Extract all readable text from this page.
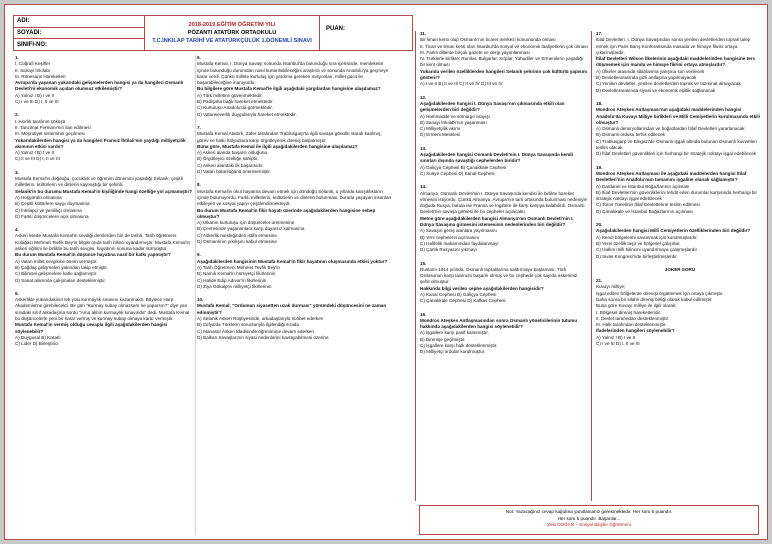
ADI:
SOYADI:
SINIFI-NO:
2018-2019 EĞİTİM ÖĞRETİM YILI
PÖZANTI ATATÜRK ORTAOKULU
T.C.İNKILAP TARİHİ VE ATATÜRKÇÜLÜK 1.DÖNEMLİ SINAVI
PUAN:
1.
I. Coğrafi Keşifler
II. Sanayi İnkılabı
III. Rönesans Hareketleri
Avrupa'da yaşanan yukarıdaki gelişmelerden hangisi ya da hangileri Osmanlı Devleti'ni ekonomik açıdan olumsuz etkilemiştir?
A) Yalnız I B) I ve II
C) I ve III D) I, II ve III
2.
I. Asırlık tarafının çöküşü
II. Tanzimat Fermanı'nın ilan edilmesi
III. Meşrutiyet sisteminin geçilmesi
Yukarıdakilerden hangisi ya da hangileri Fransız İhtilali'nin yaydığı milliyetçilik akımının etkisi vardır?
A) Yalnız I B) I ve II
C) II ve III D) I, II ve III
3.
Mustafa Kemal'in doğduğu, çocukluk ve öğrenim dönemini yaşadığı Selanik, çeşitli milletlerin, kültürlerin ve dinlerin kaynaştığı bir şehirdi.
Selanik'in bu durumu Mustafa Kemal'in kişiliğinde hangi özelliğe yol açmamıştır?
A) Hoşgörülü olmasına
B) Çeşitli kültürlere saygı duymasına
C) İnkılapçı ve yenilikçi olmasına
D) Farklı düşüncelere açık olmasına
4.
Askeri lisede Mustafa Kemal'in sevdiği derslerden biri de tarihti. Tarih öğretmeni Kolağası Mehmet Tevfik Bey'in bilgisi onda tarih bilinci uyandırmıştır. Mustafa Kemal'in askeri eğitimi ile birlikte bu tarih sevgisi, hayatının sonuna kadar sürmüştür.
Bu durum Mustafa Kemal'in düşünce hayatına nasıl bir katkı yapmıştır?
A) Vatan millet sevgisine önem vermiştir.
B) Çağdaş gelişmeleri yakından takip etmiştir.
C) Bilimsel gelişmelere katkı sağlamıştır.
D) Sanat alanında çalışmaları desteklemiştir.
5.
Askerlikle yukarıdakinin tek yolu kurmaylık sınavını kazanmaktı. Böylece Harp Akademisi'ne girebilecekti. Bir gün "Kurmay subay olmazsam ne yaparsın?" diye yan sıradaki sınıf arkadaşına sordu "Ama aklım kurmaylık sınavında" dedi. Mustafa Kemal bu düşüncelerle yeni bir karar vermiş ve kurmay subay olmaya karar vermiştir.
Mustafa Kemal'in vermiş olduğu cevapla ilgili aşağıdakilerden hangisi söylenebilir?
A) Duygusal B) Kararlı
C) Lider D) Birleştirici
6.
Mustafa Kemal, I. Dünya Savaşı sonunda İstanbul'da bulunduğu sıra içerisinde, memleketin içinde bulunduğu durumdan nasıl kurtarılabileceğini araştırdı ve sonunda Anadolu'ya geçmeye karar verdi. Çünkü millete kurtuluş için yardıma gereken misyonları, millet gücü ile başarabileceğine inanıyordu.
Bu bilgilere göre Mustafa Kemal'le ilgili aşağıdaki yargılardan hangisine ulaşılamaz?
A) Türk milletine güvenmektedir.
B) Padişaha bağlı hareket etmektedir.
C) Kurtuluşu Anadolu'da görmektedir.
D) Vatanseverlik duygularıyla hareket etmektedir.
7.
Mustafa Kemal Atatürk, Zafer tarafından Trablusgarp'ta ilgili savaşa gönüllü olarak katılmış; görev ve halkı İtalyanlara karşı örgütleyerek direniş başlatmıştır.
Buna göre, Mustafa Kemal ile ilgili aşağıdakilerden hangisine ulaşılamaz?
A) Askeri alanda başarılı olduğuna
B) Örgütleyici özelliğe sahiptir.
C) Askeri alandaki ilk başarısıdır.
D) Vatan bütünlüğünü önemsemiştir.
8.
Mustafa Kemal'in okul hayatına devam etmek için döndüğü Selanik, o yıllarda karışıklıkların içinde bulunuyordu. Farklı milletlerin, kültürlerin ve dinlerin bulunması, burada yaşayan insanları etkileyen ve sosyal yapıyı çeşitlendirmekteydi.
Bu durum Mustafa Kemal'in fikir hayatı üzerinde aşağıdakilerden hangisine sebep olmuştur?
A) Ulkanın kurtuluşu için düşünceler üretmesine
B) Çevresinde yaşananlara karşı duyarsız kalmasına
C) Askerlik mesleğinden istifa etmesine
D) Osmanlının yıkılışını kabul etmesine
9.
Aşağıdakilerden hangisinin Mustafa Kemal'in fikir hayatının oluşmasında etkisi yoktur?
A) Tarih Öğretmeni Mehmet Tevfik Bey'in
B) Namık Kemal'in hürriyetçi fikirlerinin
C) Halide Edip Adıvar'ın fikirlerinin
D) Ziya Gökalp'in milliyetçi fikirlerinin
10.
Mustafa Kemal; "Ordumun siyasetten uzak durması" yönündeki düşüncesini ne zaman edinmiştir?
A) Selanik Askeri Rüştiyesinde, arkadaşlarıyla sohbet ederken
B) Sofya'da Türklerin sorunlarıyla ilgilendiği sırada
C) Manastır Askeri İdadisinde öğrenimine devam ederken
D) Balkan Savaşlarının siyasi nedenlerini kavrayabilmesi üzerine
11.
Bir liman kenti olup Osmanlı'nın ticaret merkezi konumunda olması
II. Ticari ve liman kenti olan İstanbul'da sosyal ve ekonomik faaliyetlerin çok olması
III. Farklı dillerde birçok gazete ve dergi yayımlanması
IV. Türklerle birlikte; Rumlar, Bulgarlar, Sırplar, Yahudiler ve Ermenilerin yaşadığı bir kent olması
Yukarıda verilen özelliklerden hangileri Selanik şehrinin çok kültürlü yapısını gösterir?
A) I ve II B) II ve III C) II ve IV D) III ve IV
12.
Aşağıdakilerden hangisi I. Dünya Savaşı'nın çıkmasında etkili olan gelişmelerden biri değildir?
A) Hammadde ve sömürge arayışı
B) Sanayi İnkılabı'nın yaşanması
C) Milliyetçilik akımı
D) Ermeni Meselesi
13.
Aşağıdakilerden hangisi Osmanlı Devleti'nin I. Dünya Savaşında kendi sınırları dışında savaştığı cephelerden biridir?
A) Galiçya Cephesi B) Çanakkale Cephesi
C) Suriye Cephesi D) Kanal Cephesi
14.
Almanya, Osmanlı Devleti'nin I. Dünya Savaşında kendisi ile birlikte hareket etmesini istiyordu. Çünkü Almanya, Avrupa'nın tam ortasında bulunması nedeniyle doğuda Rusya, batıda ise Fransa ve İngiltere ile karşı karşıya kalabilirdi. Osmanlı Devleti'nin savaşa girmesi ile bu cepheler açılacaktı.
Metne göre aşağıdakilerden hangisi Almanya'nın Osmanlı Devleti'nin I. Dünya Savaşına girmesini istemesinin nedenlerinden biri değildir?
A) Savaşın geniş alanlara yayılmasını
B) Yeni cephelerin açılmasını
C) Halifelik makamından faydalanmayı
D) Çarlık Rusyasını yıkmayı
15.
Rusların 1914 yılında, Osmanlı topraklarına saldırmaya başlaması, Türk Ordusunun karşı taarruzu başarılı olmuş ve bu cephede çok sayıda askerimiz şehit olmuştur.
Hakkında bilgi verilen cephe aşağıdakilerden hangisidir?
A) Kanal Cephesi B) Galiçya Cephesi
C) Çanakkale Cephesi D) Kafkas Cephesi
16.
Mondros Ateşkes Antlaşmasından sonra Osmanlı yöneticilerinin tutumu hakkında aşağıdakilerden hangisi söylenebilir?
A) İşgallere karşı pasif kalınmıştır.
B) Direnişe geçilmiştir.
C) İşgallere karşı halk desteklenmiştir.
D) Milliyetçi ordular kurulmuştur.
17.
İtilaf Devletleri, I. Dünya Savaşından sonra yenilen devletlerden toprak talep etmek için Paris Barış Konferansında masada ve himaye fikrini ortaya çıkarmışlardır.
İtilaf Devletleri Wilson İlkelerinin aşağıdaki maddelerinden hangisine ters düşmemek için manda ve himaye fikrini ortaya atmışlardır?
A) Ülkeler arasında silahlanma yarışına son verilecek
B) Devletlerarasında gizli antlaşma yapılmayacak
C) Yenilen devletler, yenilen devletlerden toprak ve tazminat almayacak
D) Devletlerarasında siyasi ve ekonomik eşitlik sağlanacak
18.
Mondros Ateşkes Antlaşması'nın aşağıdaki maddelerinden hangisi Anadolu'da Kuvayı Milliye birlikleri ve Milli Cemiyetlerin kurulmasında etkili olmuştur?
A) Osmanlı demiryollarından ve boğazlardan İtilaf Devletleri yararlanacak
B) Osmanlı ordusu terhis edilecek
C) Trablusgarp ve Bingazi'de Osmanlı işgali altında bulunan Osmanlı kuvvetleri teslim olacak
D) İtilaf Devletleri güvenlikleri için herhangi bir stratejik noktayı işgal edebilecek
19.
Mondros Ateşkes Antlaşması ile aşağıdaki maddelerden hangisi İtilaf Devletleri'nin Anadolu'nun tamamını işgaline olanak sağlamıştır?
A) Dardanel ve İstanbul Boğazlarının açılması
B) İtilaf Devletleri'nin güvenliklerini tehdit eden durumlar karşısında herhangi bir stratejik noktayı işgal edebilecek
C) Toros Tünelinin İtilaf Devletlerine teslim edilmesi
D) Çanakkale ve İstanbul Boğazlarının açılması
20.
Aşağıdakilerden hangisi Milli Cemiyetlerin özelliklerinden biri değildir?
A) Kendi bölgelerini savunmak için kurulmuşlardır.
B) Yerel özellik taşır ve bölgesel çalışırlar.
C) Halkın milli bilincini uyandırmaya çalışmışlardır.
D) Sivas Kongresi'nde birleştirilmişlerdir.
JOKER SORU
21.
Kuvayı milliye;
İşgal edilen bölgelerde direnişi örgütlemek için ortaya çıkmıştır.
Daha sonra bir silahlı direniş birliği olarak kabul edilmiştir.
Buna göre Kuvayı milliye ile ilgili olarak;
I. Bölgesel direniş hareketleridir.
II. Devlet tarafından desteklenmiştir.
III. Halk tarafından desteklenmiştir.
ifadelerinden hangileri söylenebilir?
A) Yalnız I B) I ve II
C) I ve III D) I, II ve III
Not: Yazacağınız cevap kağıdına yanıtlamanız gerekmektedir. Her soru 5 puandır.
Her soru 5 puandır. Başarılar...
Zeki DOĞAN – Sosyal Bilgiler Öğretmeni
